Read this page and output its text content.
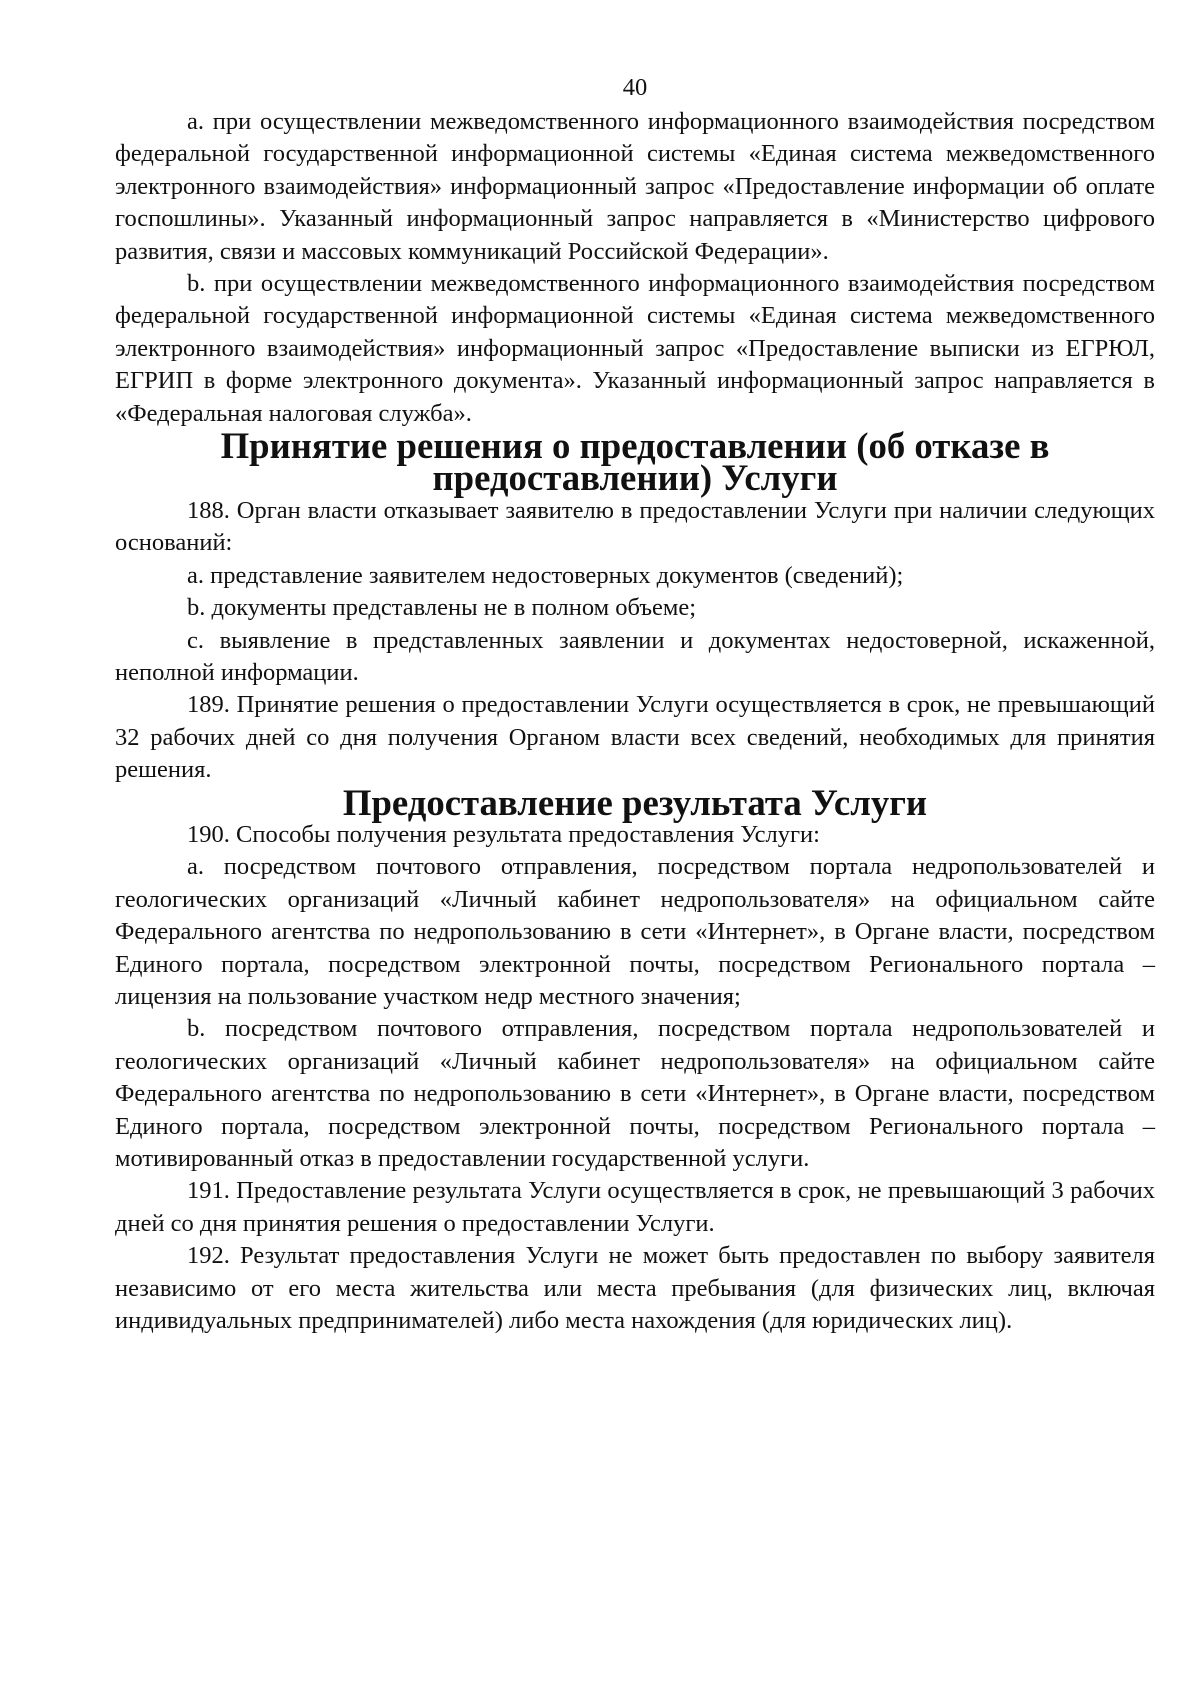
40

a. при осуществлении межведомственного информационного взаимодействия посредством федеральной государственной информационной системы «Единая система межведомственного электронного взаимодействия» информационный запрос «Предоставление информации об оплате госпошлины». Указанный информационный запрос направляется в «Министерство цифрового развития, связи и массовых коммуникаций Российской Федерации».

b. при осуществлении межведомственного информационного взаимодействия посредством федеральной государственной информационной системы «Единая система межведомственного электронного взаимодействия» информационный запрос «Предоставление выписки из ЕГРЮЛ, ЕГРИП в форме электронного документа». Указанный информационный запрос направляется в «Федеральная налоговая служба».

Принятие решения о предоставлении (об отказе в предоставлении) Услуги

188. Орган власти отказывает заявителю в предоставлении Услуги при наличии следующих оснований:

a. представление заявителем недостоверных документов (сведений);

b. документы представлены не в полном объеме;

c. выявление в представленных заявлении и документах недостоверной, искаженной, неполной информации.

189. Принятие решения о предоставлении Услуги осуществляется в срок, не превышающий 32 рабочих дней со дня получения Органом власти всех сведений, необходимых для принятия решения.

Предоставление результата Услуги

190. Способы получения результата предоставления Услуги:

a. посредством почтового отправления, посредством портала недропользователей и геологических организаций «Личный кабинет недропользователя» на официальном сайте Федерального агентства по недропользованию в сети «Интернет», в Органе власти, посредством Единого портала, посредством электронной почты, посредством Регионального портала – лицензия на пользование участком недр местного значения;

b. посредством почтового отправления, посредством портала недропользователей и геологических организаций «Личный кабинет недропользователя» на официальном сайте Федерального агентства по недропользованию в сети «Интернет», в Органе власти, посредством Единого портала, посредством электронной почты, посредством Регионального портала – мотивированный отказ в предоставлении государственной услуги.

191. Предоставление результата Услуги осуществляется в срок, не превышающий 3 рабочих дней со дня принятия решения о предоставлении Услуги.

192. Результат предоставления Услуги не может быть предоставлен по выбору заявителя независимо от его места жительства или места пребывания (для физических лиц, включая индивидуальных предпринимателей) либо места нахождения (для юридических лиц).
